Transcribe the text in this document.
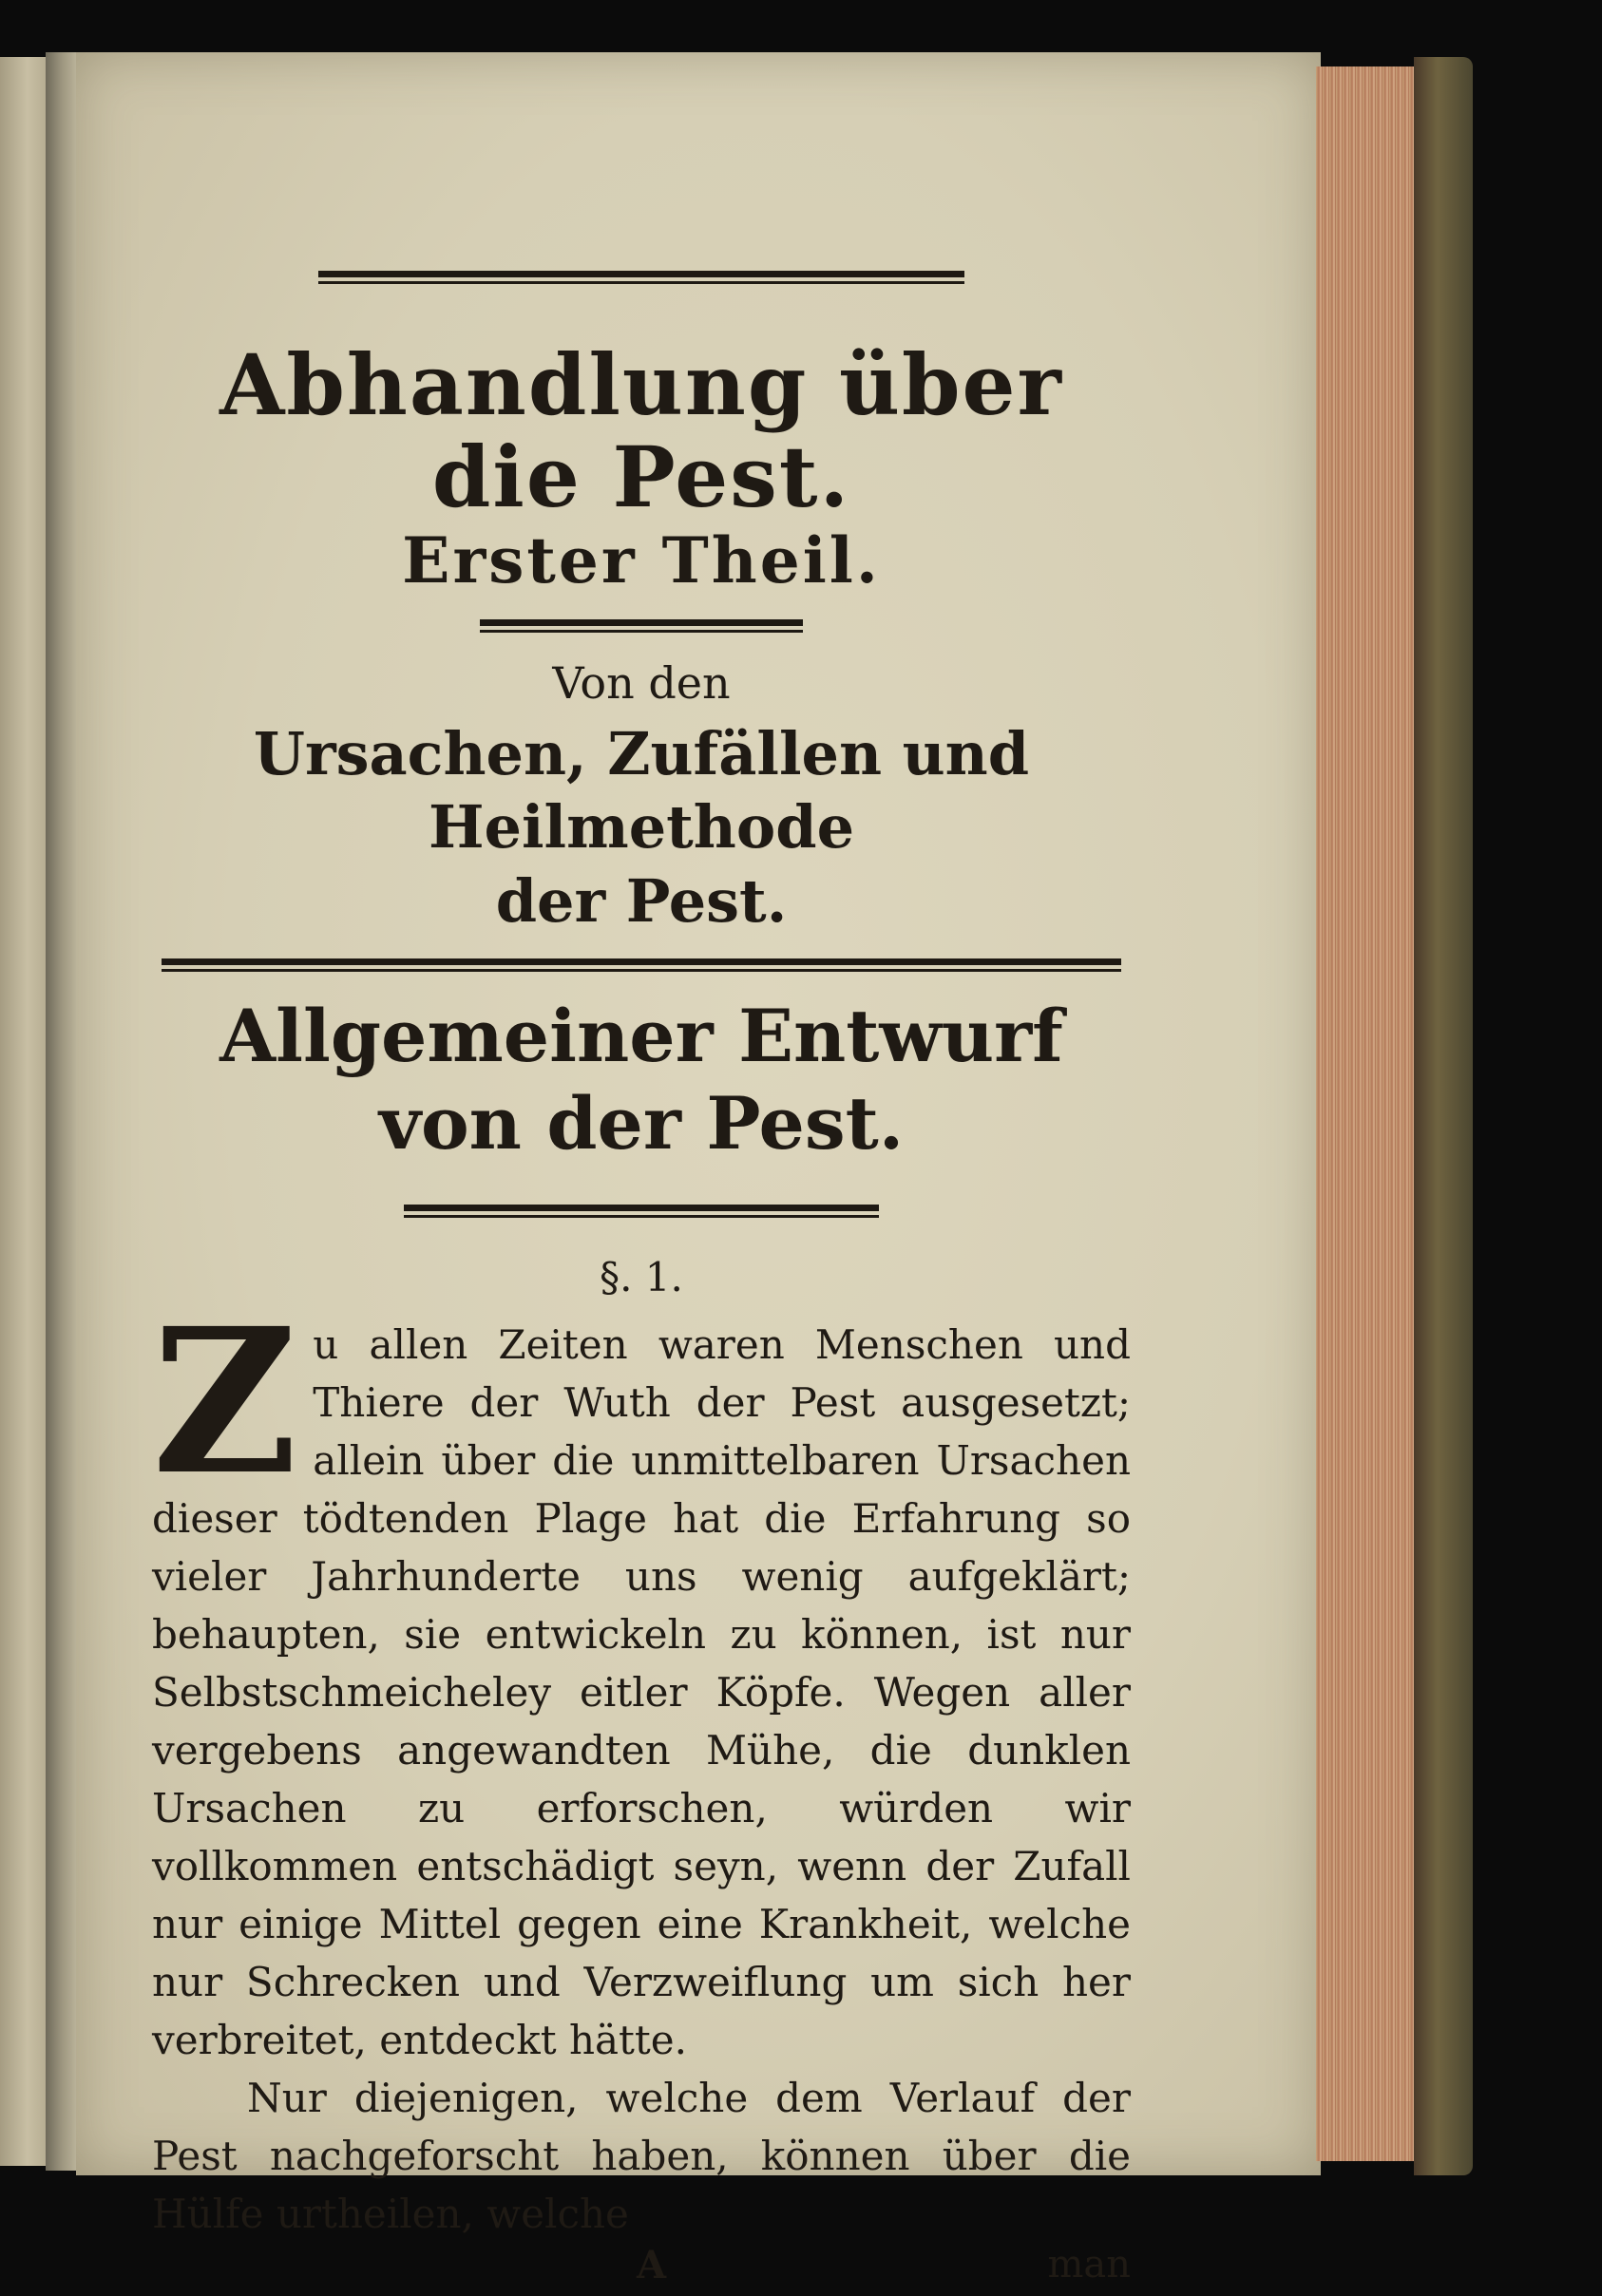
Abhandlung über die Pest.
Erster Theil.

Von den

Ursachen, Zufällen und Heilmethode

der Pest.

Allgemeiner Entwurf von der Pest.

§. 1.

Zu allen Zeiten waren Menschen und Thiere der Wuth der Pest ausgesetzt; allein über die unmittelbaren Ursachen dieser tödtenden Plage hat die Erfahrung so vieler Jahrhunderte uns wenig aufgeklärt; behaupten, sie entwickeln zu können, ist nur Selbstschmeicheley eitler Köpfe. Wegen aller vergebens angewandten Mühe, die dunklen Ursachen zu erforschen, würden wir vollkommen entschädigt seyn, wenn der Zufall nur einige Mittel gegen eine Krankheit, welche nur Schrecken und Verzweiflung um sich her verbreitet, entdeckt hätte.

Nur diejenigen, welche dem Verlauf der Pest nachgeforscht haben, können über die Hülfe urtheilen, welche

A	man
